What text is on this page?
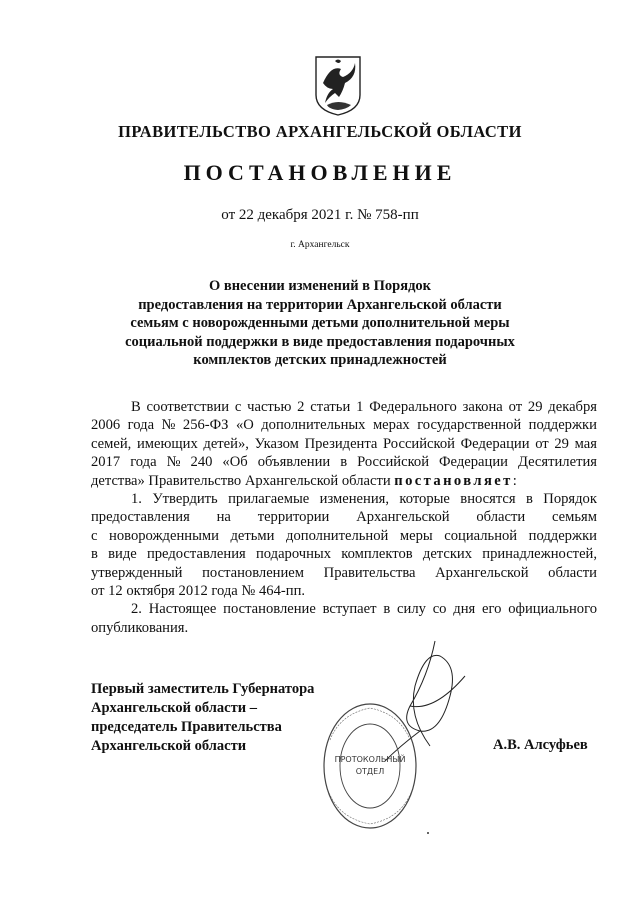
ПРАВИТЕЛЬСТВО АРХАНГЕЛЬСКОЙ ОБЛАСТИ
ПОСТАНОВЛЕНИЕ
от 22 декабря 2021 г. № 758-пп
г. Архангельск
О внесении изменений в Порядок
предоставления на территории Архангельской области
семьям с новорожденными детьми дополнительной меры
социальной поддержки в виде предоставления подарочных
комплектов детских принадлежностей
В соответствии с частью 2 статьи 1 Федерального закона от 29 декабря
2006 года № 256-ФЗ «О дополнительных мерах государственной поддержки
семей, имеющих детей», Указом Президента Российской Федерации от 29 мая
2017 года № 240 «Об объявлении в Российской Федерации Десятилетия
детства» Правительство Архангельской области постановляет :
1. Утвердить прилагаемые изменения, которые вносятся в Порядок
предоставления на территории Архангельской области семьям
с новорожденными детьми дополнительной меры социальной поддержки
в виде предоставления подарочных комплектов детских принадлежностей,
утвержденный постановлением Правительства Архангельской области
от 12 октября 2012 года № 464-пп.
2. Настоящее постановление вступает в силу со дня его официального
опубликования.
ПРОТОКОЛЬНЫЙ
ОТДЕЛ
Первый заместитель Губернатора
Архангельской области –
председатель Правительства
Архангельской области	А.В. Алсуфьев
